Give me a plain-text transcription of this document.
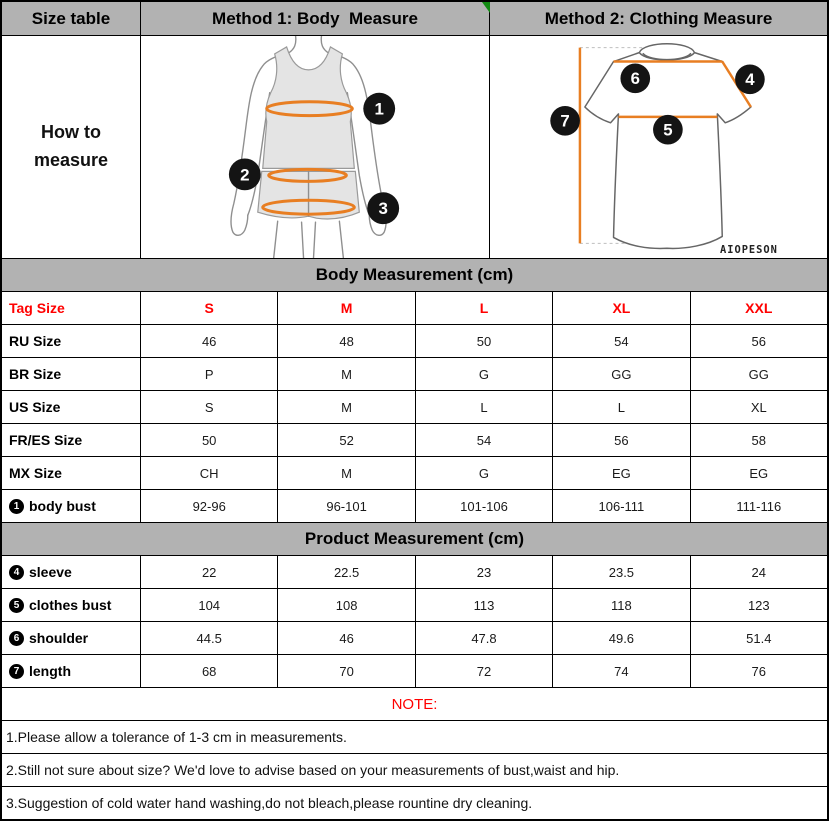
Size table	Method 1: Body  Measure	Method 2: Clothing Measure
How to measure
1
2
3
6	4
5
7
AIOPESON
Body Measurement (cm)
Tag Size	S	M	L	XL	XXL
RU Size	46	48	50	54	56
BR Size	P	M	G	GG	GG
US Size	S	M	L	L	XL
FR/ES Size	50	52	54	56	58
MX Size	CH	M	G	EG	EG
1 body bust	92-96	96-101	101-106	106-111	111-116
Product Measurement (cm)
4 sleeve	22	22.5	23	23.5	24
5 clothes bust	104	108	113	118	123
6 shoulder	44.5	46	47.8	49.6	51.4
7 length	68	70	72	74	76
NOTE:
1.Please allow a tolerance of 1-3 cm in measurements.
2.Still not sure about size? We'd love to advise based on your measurements of bust,waist and hip.
3.Suggestion of cold water hand washing,do not bleach,please rountine dry cleaning.
